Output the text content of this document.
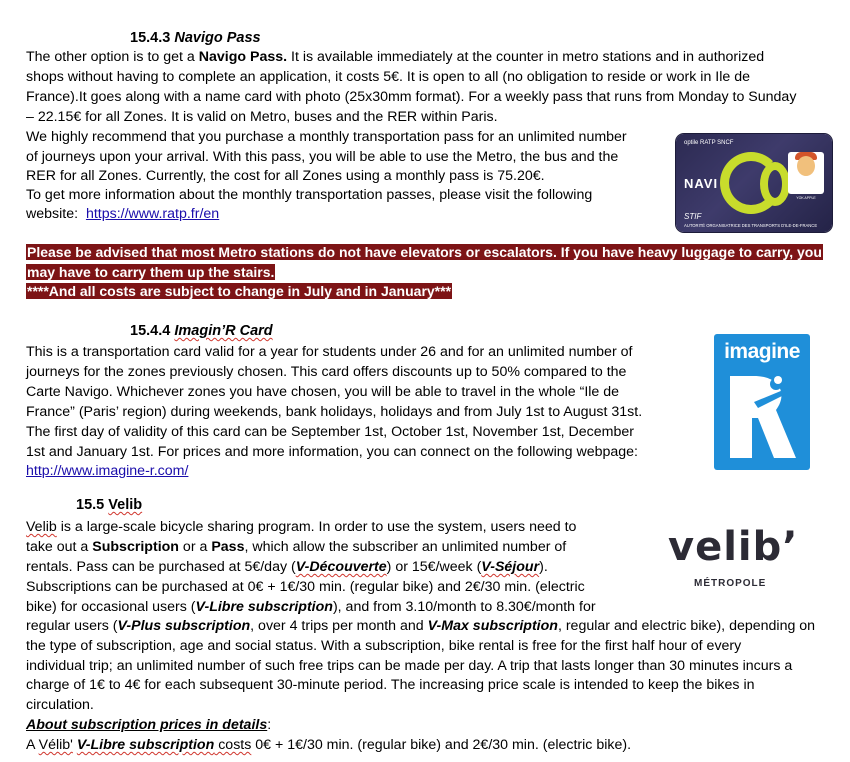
15.4.3 Navigo Pass
The other option is to get a Navigo Pass. It is available immediately at the counter in metro stations and in authorized
shops without having to complete an application, it costs 5€. It is open to all (no obligation to reside or work in Ile de
France).It goes along with a name card with photo (25x30mm format). For a weekly pass that runs from Monday to Sunday
– 22.15€ for all Zones. It is valid on Metro, buses and the RER within Paris.
We highly recommend that you purchase a monthly transportation pass for an unlimited number
of journeys upon your arrival. With this pass, you will be able to use the Metro, the bus and the
RER for all Zones. Currently, the cost for all Zones using a monthly pass is 75.20€.
To get more information about the monthly transportation passes, please visit the following
website:  https://www.ratp.fr/en
optile RATP SNCF
NAVI
YOK APPLE
STIF
AUTORITÉ ORGANISATRICE DES TRANSPORTS D'ILE-DE-FRANCE
Please be advised that most Metro stations do not have elevators or escalators. If you have heavy luggage to carry, you
may have to carry them up the stairs.
****And all costs are subject to change in July and in January***
15.4.4 Imagin’R Card
This is a transportation card valid for a year for students under 26 and for an unlimited number of
journeys for the zones previously chosen. This card offers discounts up to 50% compared to the
Carte Navigo. Whichever zones you have chosen, you will be able to travel in the whole “Ile de
France” (Paris’ region) during weekends, bank holidays, holidays and from July 1st to August 31st.
The first day of validity of this card can be September 1st, October 1st, November 1st, December
1st and January 1st. For prices and more information, you can connect on the following webpage:
http://www.imagine-r.com/
imagine
15.5 Velib
Velib is a large-scale bicycle sharing program. In order to use the system, users need to
take out a Subscription or a Pass, which allow the subscriber an unlimited number of
rentals. Pass can be purchased at 5€/day (V-Découverte) or 15€/week (V-Séjour).
Subscriptions can be purchased at 0€ + 1€/30 min. (regular bike) and 2€/30 min. (electric
bike) for occasional users (V-Libre subscription), and from 3.10/month to 8.30€/month for
regular users (V-Plus subscription, over 4 trips per month and V-Max subscription, regular and electric bike), depending on
the type of subscription, age and social status. With a subscription, bike rental is free for the first half hour of every
individual trip; an unlimited number of such free trips can be made per day. A trip that lasts longer than 30 minutes incurs a
charge of 1€ to 4€ for each subsequent 30-minute period. The increasing price scale is intended to keep the bikes in
circulation.
About subscription prices in details:
A Vélib' V-Libre subscription costs 0€ + 1€/30 min. (regular bike) and 2€/30 min. (electric bike).
velib’
MÉTROPOLE
